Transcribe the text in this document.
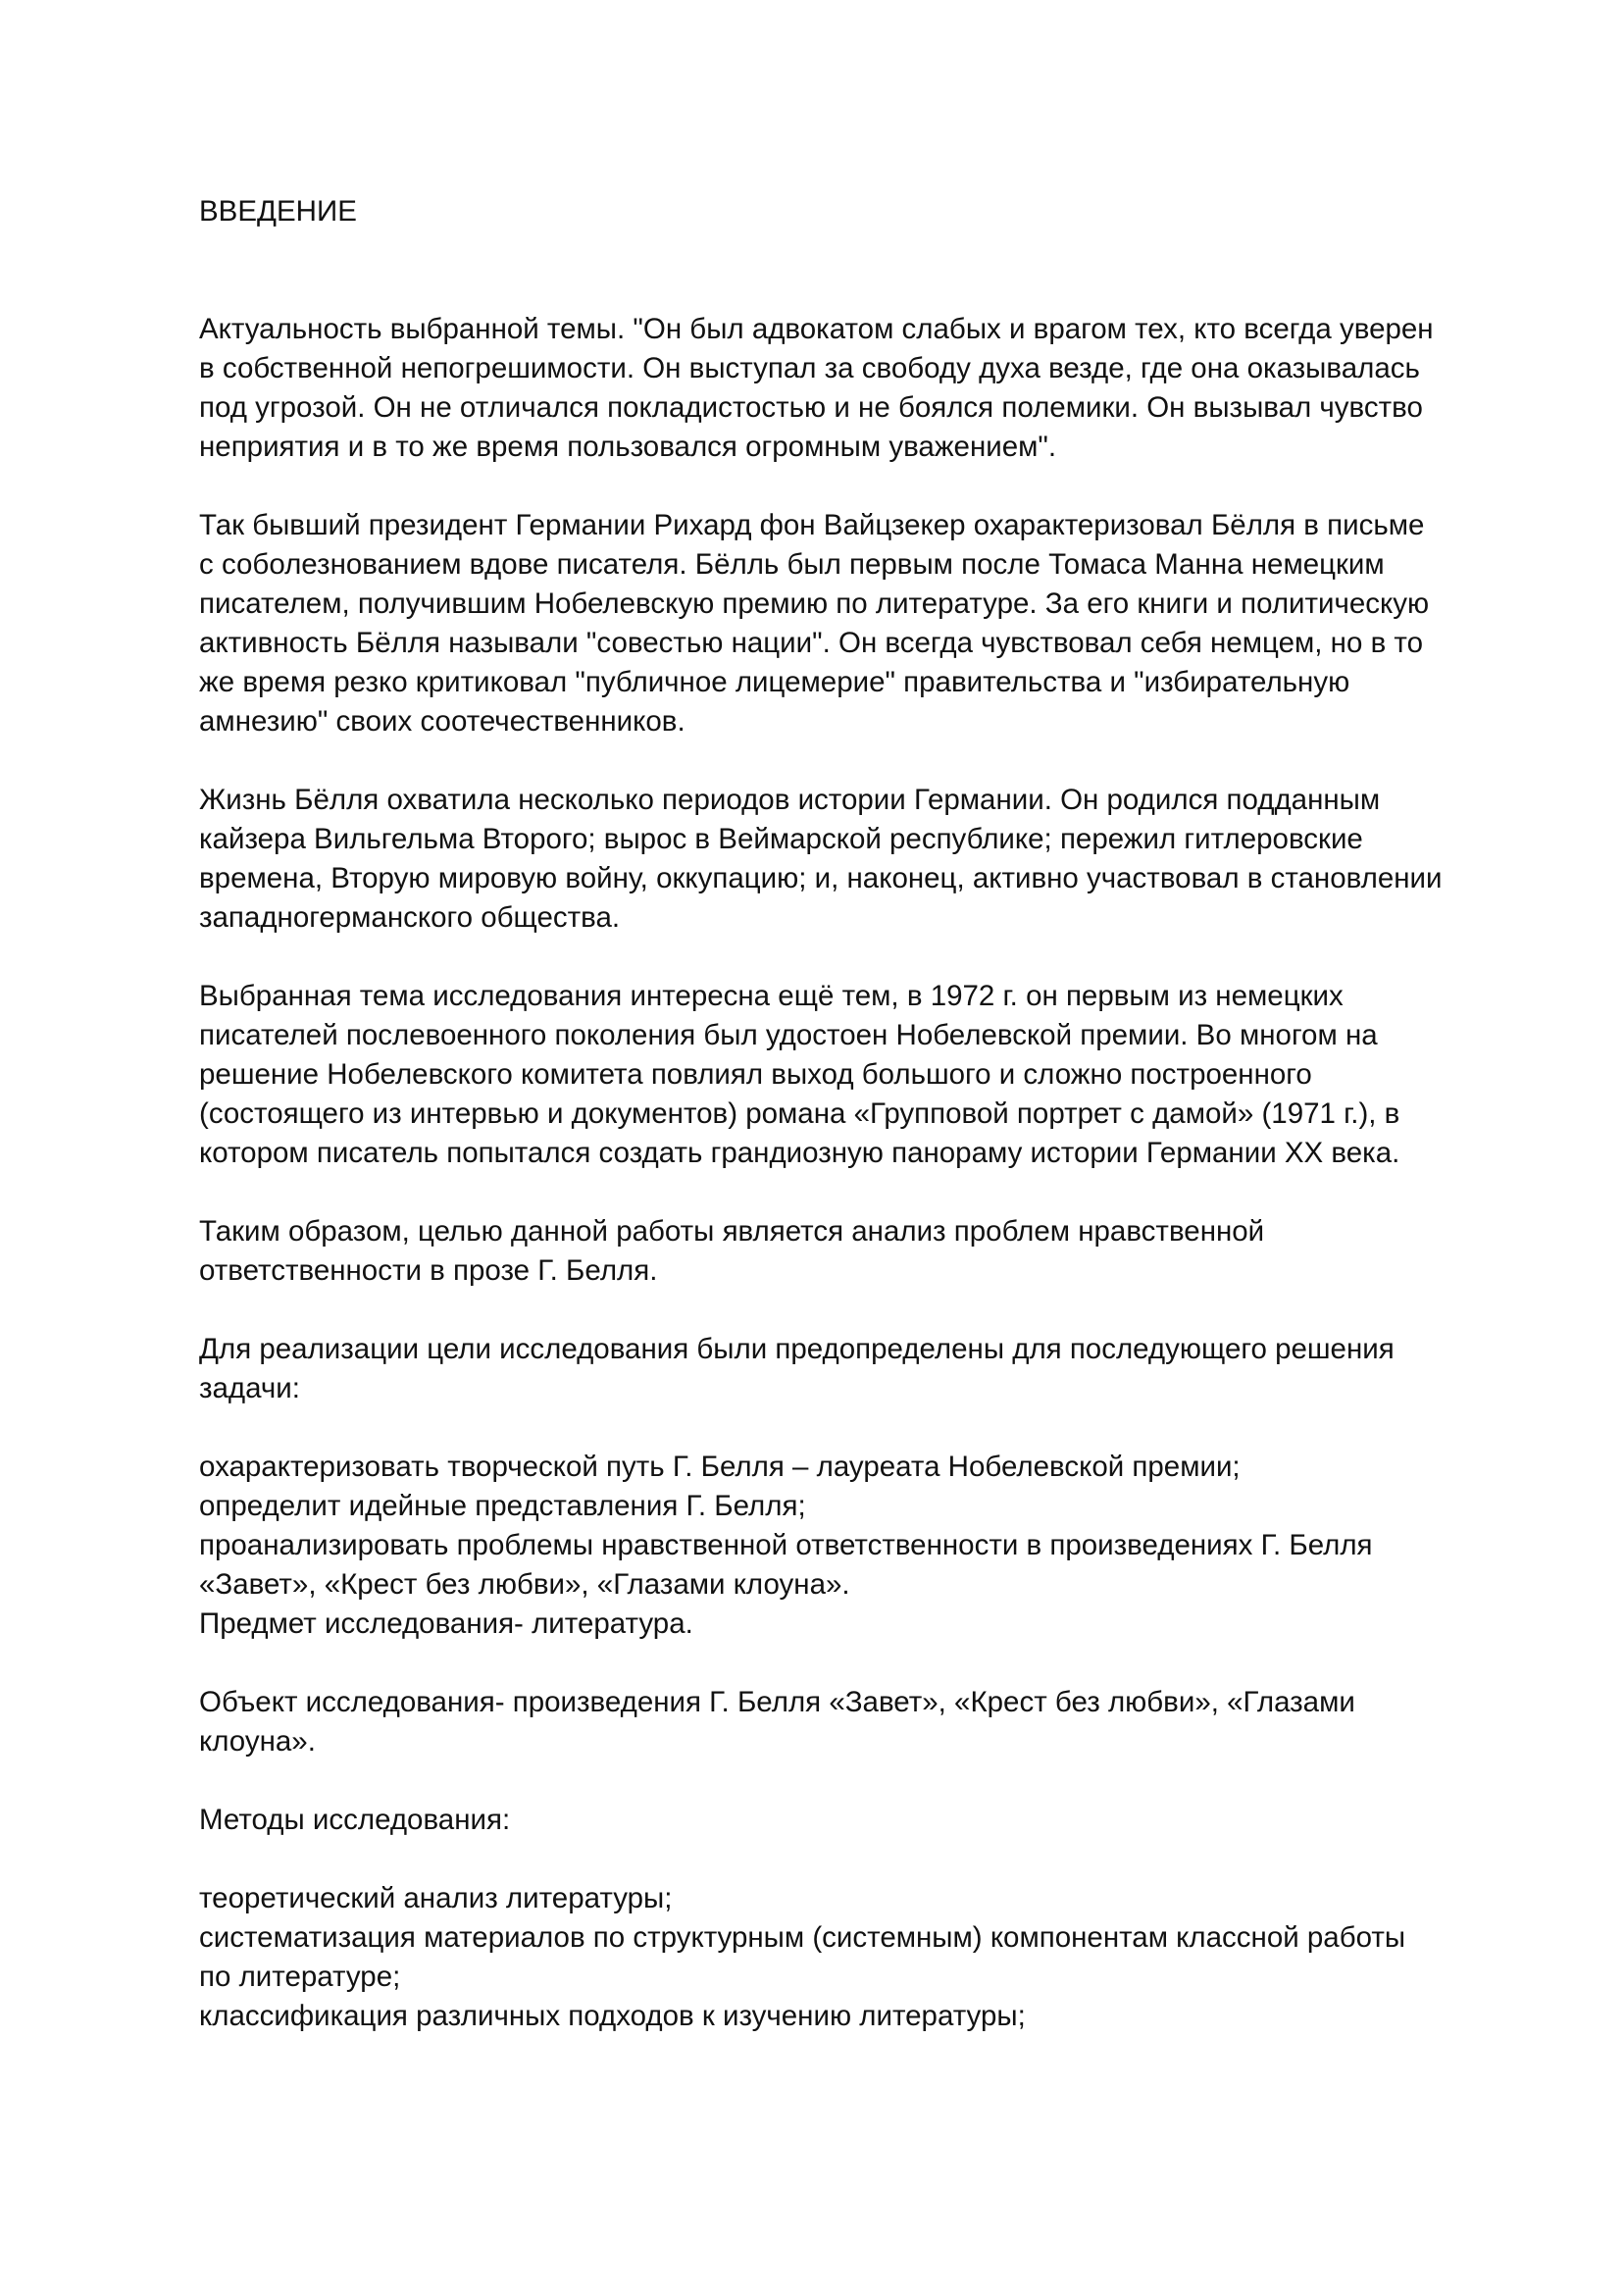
ВВЕДЕНИЕ

Актуальность выбранной темы. "Он был адвокатом слабых и врагом тех, кто всегда уверен в собственной непогрешимости. Он выступал за свободу духа везде, где она оказывалась под угрозой. Он не отличался покладистостью и не боялся полемики. Он вызывал чувство неприятия и в то же время пользовался огромным уважением".

Так бывший президент Германии Рихард фон Вайцзекер охарактеризовал Бёлля в письме с соболезнованием вдове писателя. Бёлль был первым после Томаса Манна немецким писателем, получившим Нобелевскую премию по литературе. За его книги и политическую активность Бёлля называли "совестью нации". Он всегда чувствовал себя немцем, но в то же время резко критиковал "публичное лицемерие" правительства и "избирательную амнезию" своих соотечественников.

Жизнь Бёлля охватила несколько периодов истории Германии. Он родился подданным кайзера Вильгельма Второго; вырос в Веймарской республике; пережил гитлеровские времена, Вторую мировую войну, оккупацию; и, наконец, активно участвовал в становлении западногерманского общества.

Выбранная тема исследования интересна ещё тем, в 1972 г. он первым из немецких писателей послевоенного поколения был удостоен Нобелевской премии. Во многом на решение Нобелевского комитета повлиял выход большого и сложно построенного (состоящего из интервью и документов) романа «Групповой портрет с дамой» (1971 г.), в котором писатель попытался создать грандиозную панораму истории Германии XX века.

Таким образом, целью данной работы является анализ проблем нравственной ответственности в прозе Г. Белля.

Для реализации цели исследования были предопределены для последующего решения задачи:

охарактеризовать творческой путь Г. Белля – лауреата Нобелевской премии;
определит идейные представления Г. Белля;
проанализировать проблемы нравственной ответственности в произведениях Г. Белля «Завет», «Крест без любви», «Глазами клоуна».
Предмет исследования- литература.

Объект исследования- произведения Г. Белля «Завет», «Крест без любви», «Глазами клоуна».

Методы исследования:

теоретический анализ литературы;
систематизация материалов по структурным (системным) компонентам классной работы по литературе;
классификация различных подходов к изучению литературы;
